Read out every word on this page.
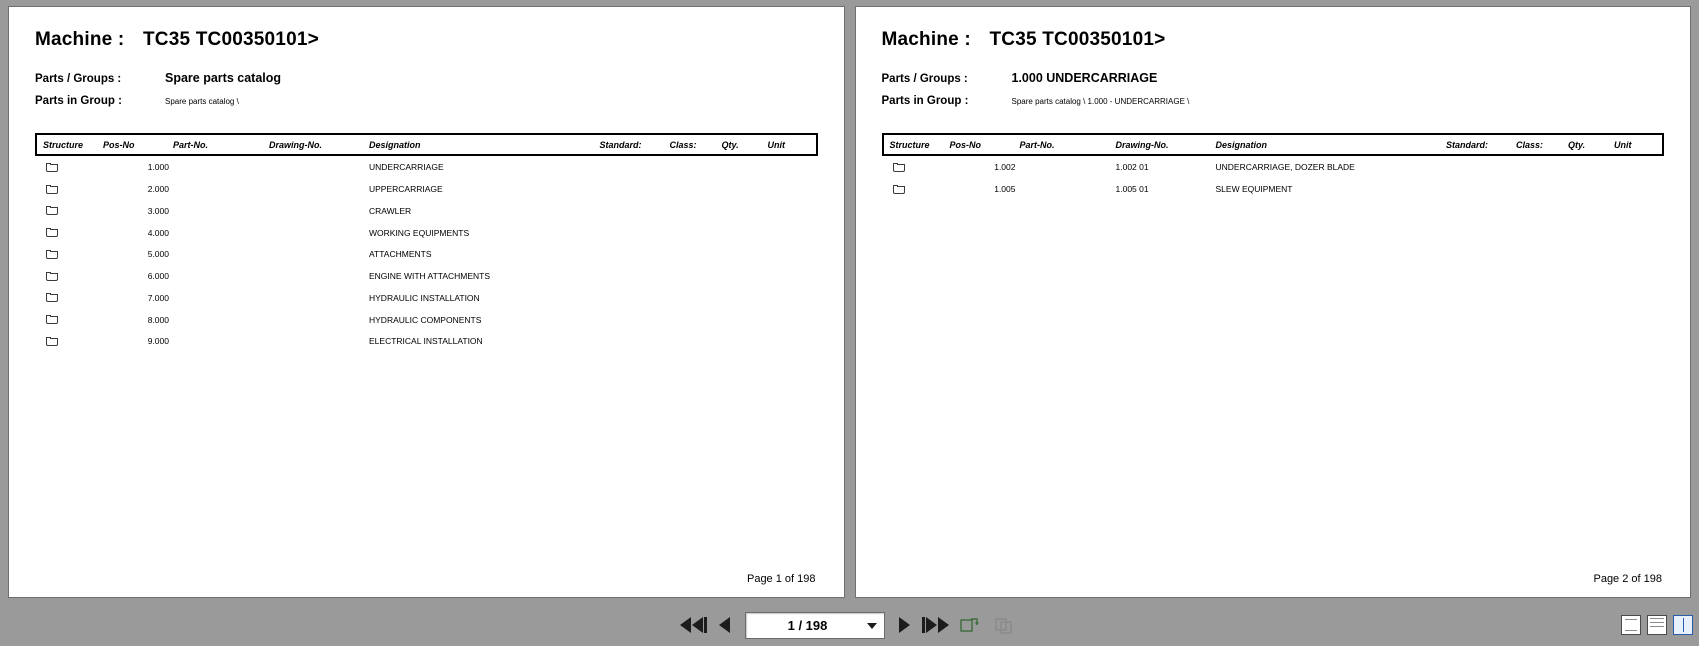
Machine : TC35 TC00350101>
Parts / Groups :	Spare parts catalog
Parts in Group :	Spare parts catalog \
Structure	Pos-No	Part-No.	Drawing-No.	Designation	Standard:	Class:	Qty.	Unit
	1.000			UNDERCARRIAGE				
	2.000			UPPERCARRIAGE				
	3.000			CRAWLER				
	4.000			WORKING EQUIPMENTS				
	5.000			ATTACHMENTS				
	6.000			ENGINE WITH ATTACHMENTS				
	7.000			HYDRAULIC INSTALLATION				
	8.000			HYDRAULIC COMPONENTS				
	9.000			ELECTRICAL INSTALLATION				
Page 1 of 198
Machine : TC35 TC00350101>
Parts / Groups :	1.000 UNDERCARRIAGE
Parts in Group :	Spare parts catalog \ 1.000 - UNDERCARRIAGE \
Structure	Pos-No	Part-No.	Drawing-No.	Designation	Standard:	Class:	Qty.	Unit
	1.002		1.002 01	UNDERCARRIAGE, DOZER BLADE				
	1.005		1.005 01	SLEW EQUIPMENT				
Page 2 of 198
1 / 198
